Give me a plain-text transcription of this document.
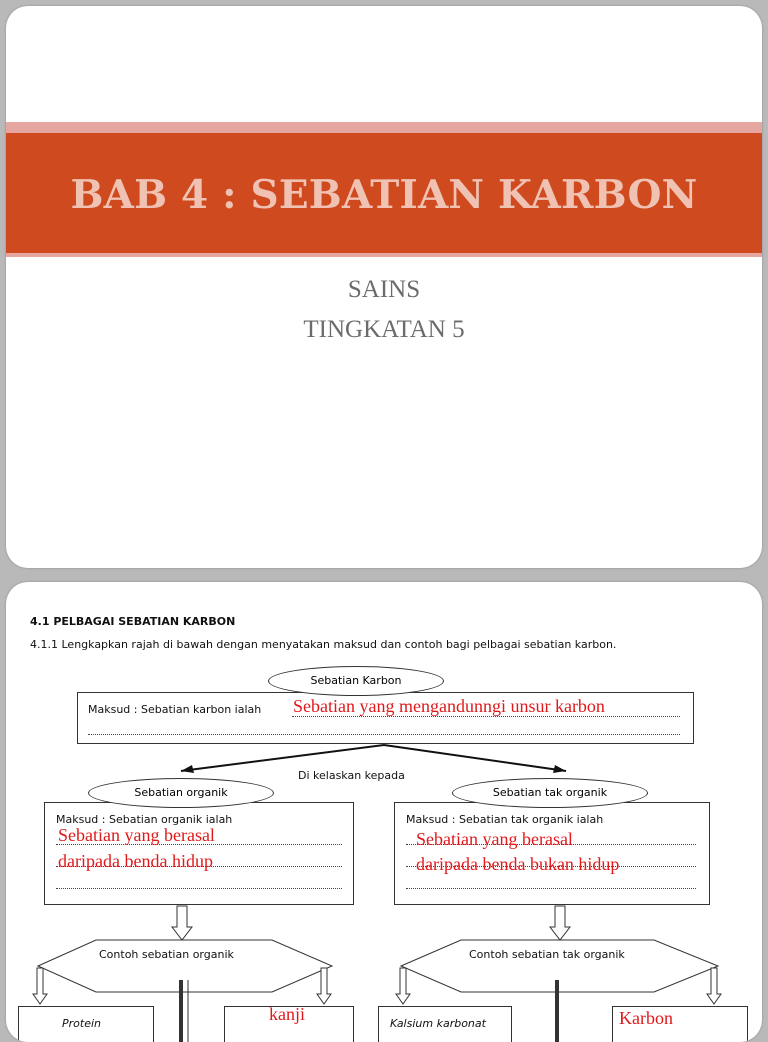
BAB 4 : SEBATIAN KARBON
SAINS
TINGKATAN 5
4.1 PELBAGAI SEBATIAN KARBON
4.1.1 Lengkapkan rajah di bawah dengan menyatakan maksud dan contoh bagi pelbagai sebatian karbon.
Maksud : Sebatian karbon ialah Sebatian yang mengandunngi unsur karbon
Sebatian Karbon
Di kelaskan kepada
Maksud : Sebatian organik ialah
Sebatian yang berasal
daripada benda hidup
Sebatian organik
Maksud : Sebatian tak organik ialah
Sebatian yang berasal
daripada benda bukan hidup
Sebatian tak organik
Contoh sebatian organik	Contoh sebatian tak organik
Protein	kanji	Kalsium karbonat	Karbon
